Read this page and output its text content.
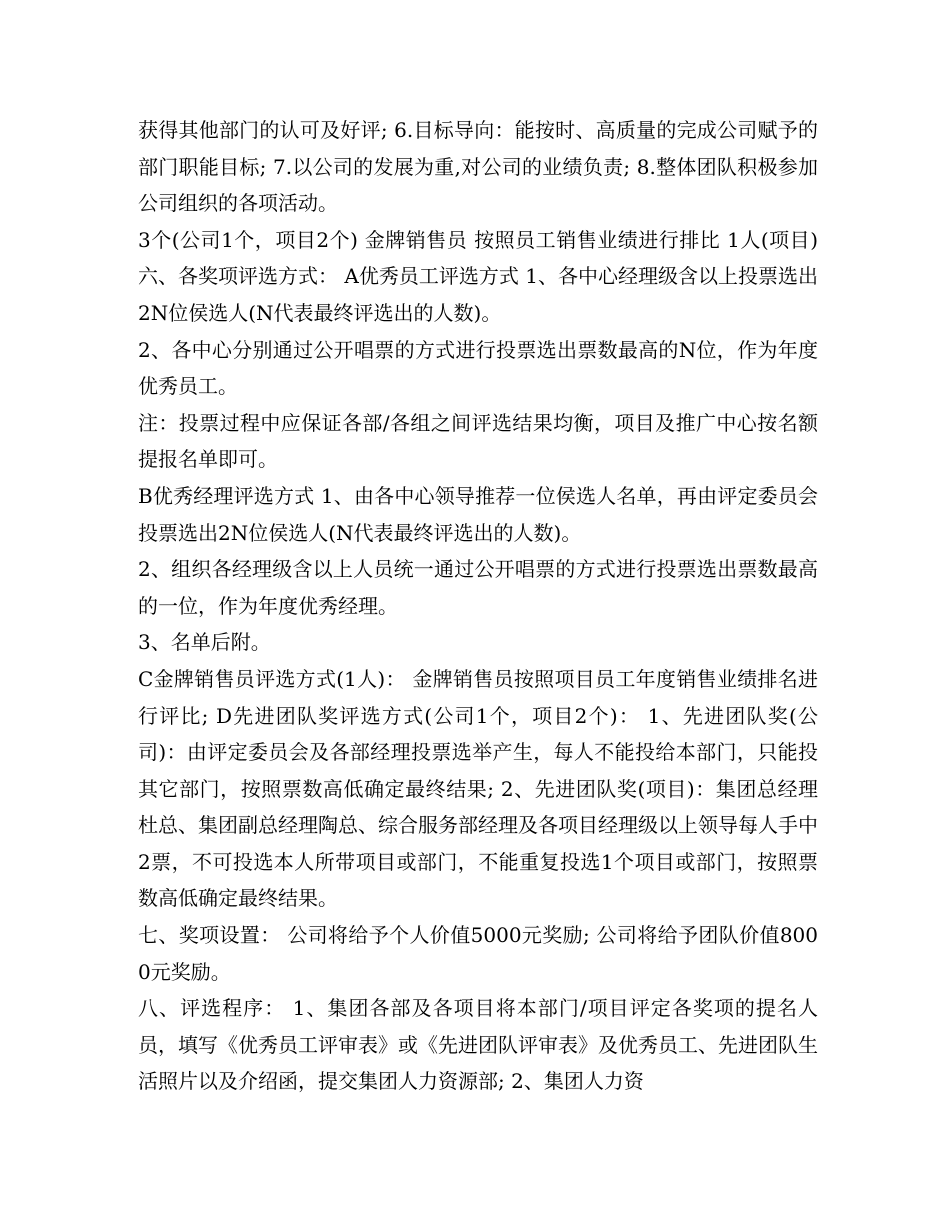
获得其他部门的认可及好评; 6.目标导向：能按时、高质量的完成公司赋予的部门职能目标; 7.以公司的发展为重,对公司的业绩负责; 8.整体团队积极参加公司组织的各项活动。

3个(公司1个，项目2个) 金牌销售员 按照员工销售业绩进行排比 1人(项目) 六、各奖项评选方式： A优秀员工评选方式 1、各中心经理级含以上投票选出2N位侯选人(N代表最终评选出的人数)。

2、各中心分别通过公开唱票的方式进行投票选出票数最高的N位，作为年度优秀员工。

注：投票过程中应保证各部/各组之间评选结果均衡，项目及推广中心按名额提报名单即可。

B优秀经理评选方式 1、由各中心领导推荐一位侯选人名单，再由评定委员会投票选出2N位侯选人(N代表最终评选出的人数)。

2、组织各经理级含以上人员统一通过公开唱票的方式进行投票选出票数最高的一位，作为年度优秀经理。

3、名单后附。

C金牌销售员评选方式(1人)： 金牌销售员按照项目员工年度销售业绩排名进行评比; D先进团队奖评选方式(公司1个，项目2个)： 1、先进团队奖(公司)：由评定委员会及各部经理投票选举产生，每人不能投给本部门，只能投其它部门，按照票数高低确定最终结果; 2、先进团队奖(项目)：集团总经理杜总、集团副总经理陶总、综合服务部经理及各项目经理级以上领导每人手中2票，不可投选本人所带项目或部门，不能重复投选1个项目或部门，按照票数高低确定最终结果。

七、奖项设置： 公司将给予个人价值5000元奖励; 公司将给予团队价值8000元奖励。

八、评选程序： 1、集团各部及各项目将本部门/项目评定各奖项的提名人员，填写《优秀员工评审表》或《先进团队评审表》及优秀员工、先进团队生活照片以及介绍函，提交集团人力资源部; 2、集团人力资
